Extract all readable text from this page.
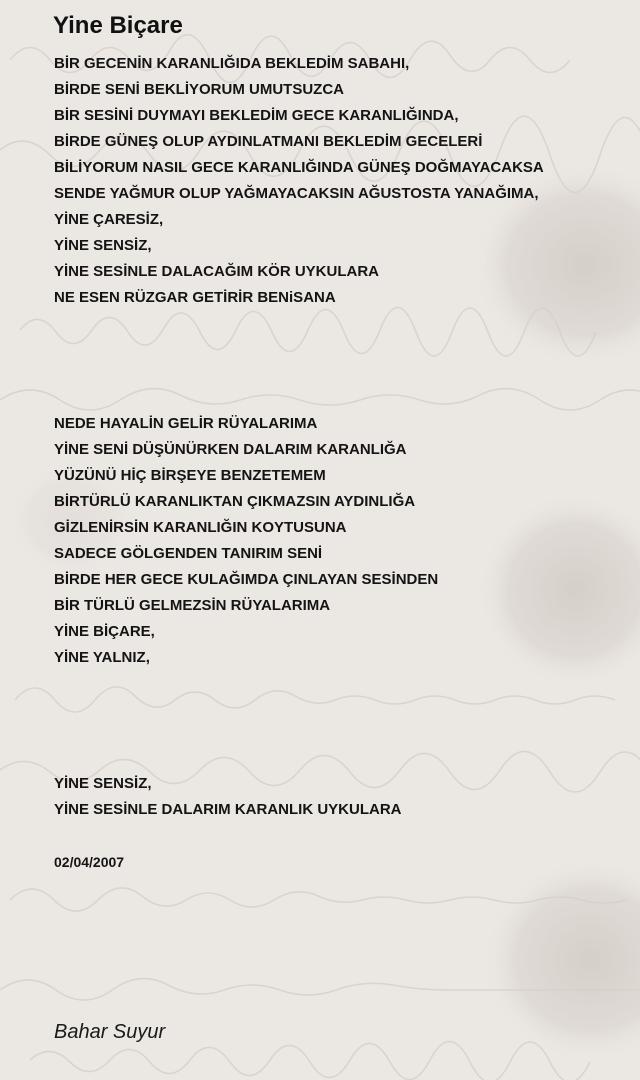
Yine Biçare
BİR GECENİN KARANLIĞIDA BEKLEDİM SABAHI,
BİRDE SENİ BEKLİYORUM UMUTSUZCA
BİR SESİNİ DUYMAYI BEKLEDİM GECE KARANLIĞINDA,
BİRDE GÜNEŞ OLUP AYDINLATMANI BEKLEDİM GECELERİ
BİLİYORUM NASIL GECE KARANLIĞINDA GÜNEŞ DOĞMAYACAKSA
SENDE YAĞMUR OLUP YAĞMAYACAKSIN AĞUSTOSTA YANAĞIMA,
YİNE ÇARESİZ,
YİNE SENSİZ,
YİNE SESİNLE DALACAĞIM KÖR UYKULARA
NE ESEN RÜZGAR GETİRİR BENiSANA
NEDE HAYALİN GELİR RÜYALARIMA
YİNE SENİ DÜŞÜNÜRKEN DALARIM KARANLIĞA
YÜZÜNÜ HİÇ BİRŞEYE BENZETEMEM
BİRTÜRLÜ KARANLIKTAN ÇIKMAZSIN AYDINLIĞA
GİZLENİRSİN KARANLIĞIN KOYTUSUNA
SADECE GÖLGENDEN TANIRIM SENİ
BİRDE HER GECE KULAĞIMDA ÇINLAYAN SESİNDEN
BİR TÜRLÜ GELMEZSİN RÜYALARIMA
YİNE BİÇARE,
YİNE YALNIZ,
YİNE SENSİZ,
YİNE SESİNLE DALARIM KARANLIK UYKULARA
02/04/2007
Bahar Suyur
